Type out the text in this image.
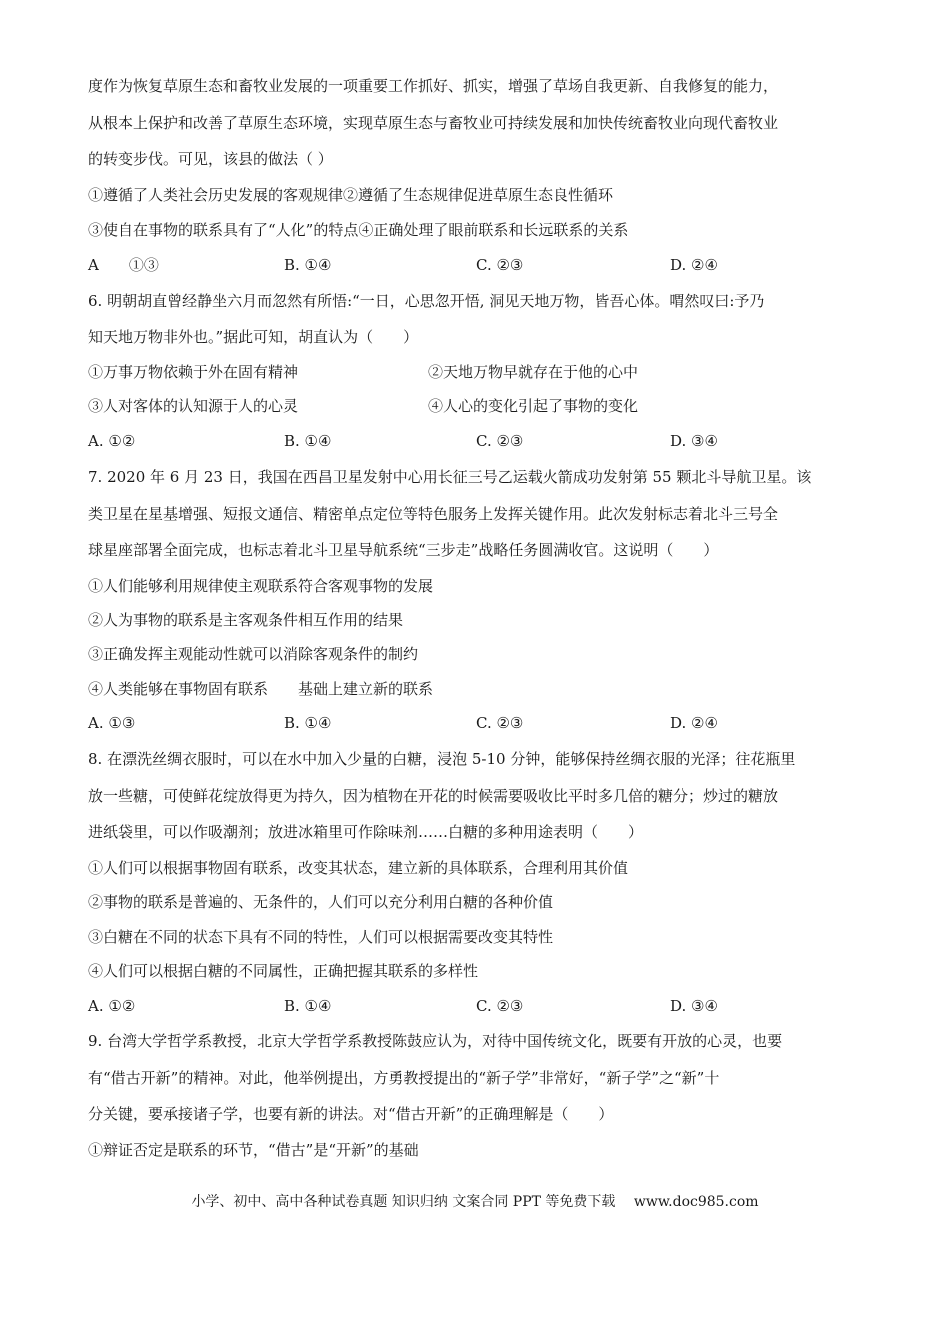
度作为恢复草原生态和畜牧业发展的一项重要工作抓好、抓实，增强了草场自我更新、自我修复的能力，
从根本上保护和改善了草原生态环境，实现草原生态与畜牧业可持续发展和加快传统畜牧业向现代畜牧业
的转变步伐。可见，该县的做法（ ）
①遵循了人类社会历史发展的客观规律②遵循了生态规律促进草原生态良性循环
③使自在事物的联系具有了“人化”的特点④正确处理了眼前联系和长远联系的关系
A　　①③	B. ①④	C. ②③	D. ②④
6. 明朝胡直曾经静坐六月而忽然有所悟:“一日，心思忽开悟, 洞见天地万物，皆吾心体。喟然叹曰:予乃
知天地万物非外也。”据此可知，胡直认为（　　）
①万事万物依赖于外在固有精神	②天地万物早就存在于他的心中
③人对客体的认知源于人的心灵	④人心的变化引起了事物的变化
A. ①②	B. ①④	C. ②③	D. ③④
7. 2020 年 6 月 23 日，我国在西昌卫星发射中心用长征三号乙运载火箭成功发射第 55 颗北斗导航卫星。该
类卫星在星基增强、短报文通信、精密单点定位等特色服务上发挥关键作用。此次发射标志着北斗三号全
球星座部署全面完成，也标志着北斗卫星导航系统“三步走”战略任务圆满收官。这说明（　　）
①人们能够利用规律使主观联系符合客观事物的发展
②人为事物的联系是主客观条件相互作用的结果
③正确发挥主观能动性就可以消除客观条件的制约
④人类能够在事物固有联系　　基础上建立新的联系
A. ①③	B. ①④	C. ②③	D. ②④
8. 在漂洗丝绸衣服时，可以在水中加入少量的白糖，浸泡 5-10 分钟，能够保持丝绸衣服的光泽；往花瓶里
放一些糖，可使鲜花绽放得更为持久，因为植物在开花的时候需要吸收比平时多几倍的糖分；炒过的糖放
进纸袋里，可以作吸潮剂；放进冰箱里可作除味剂……白糖的多种用途表明（　　）
①人们可以根据事物固有联系，改变其状态，建立新的具体联系，合理利用其价值
②事物的联系是普遍的、无条件的，人们可以充分利用白糖的各种价值
③白糖在不同的状态下具有不同的特性，人们可以根据需要改变其特性
④人们可以根据白糖的不同属性，正确把握其联系的多样性
A. ①②	B. ①④	C. ②③	D. ③④
9. 台湾大学哲学系教授，北京大学哲学系教授陈鼓应认为，对待中国传统文化，既要有开放的心灵，也要
有“借古开新”的精神。对此，他举例提出，方勇教授提出的“新子学”非常好，“新子学”之“新”十
分关键，要承接诸子学，也要有新的讲法。对“借古开新”的正确理解是（　　）
①辩证否定是联系的环节，“借古”是“开新”的基础
小学、初中、高中各种试卷真题 知识归纳 文案合同 PPT 等免费下载　 www.doc985.com
